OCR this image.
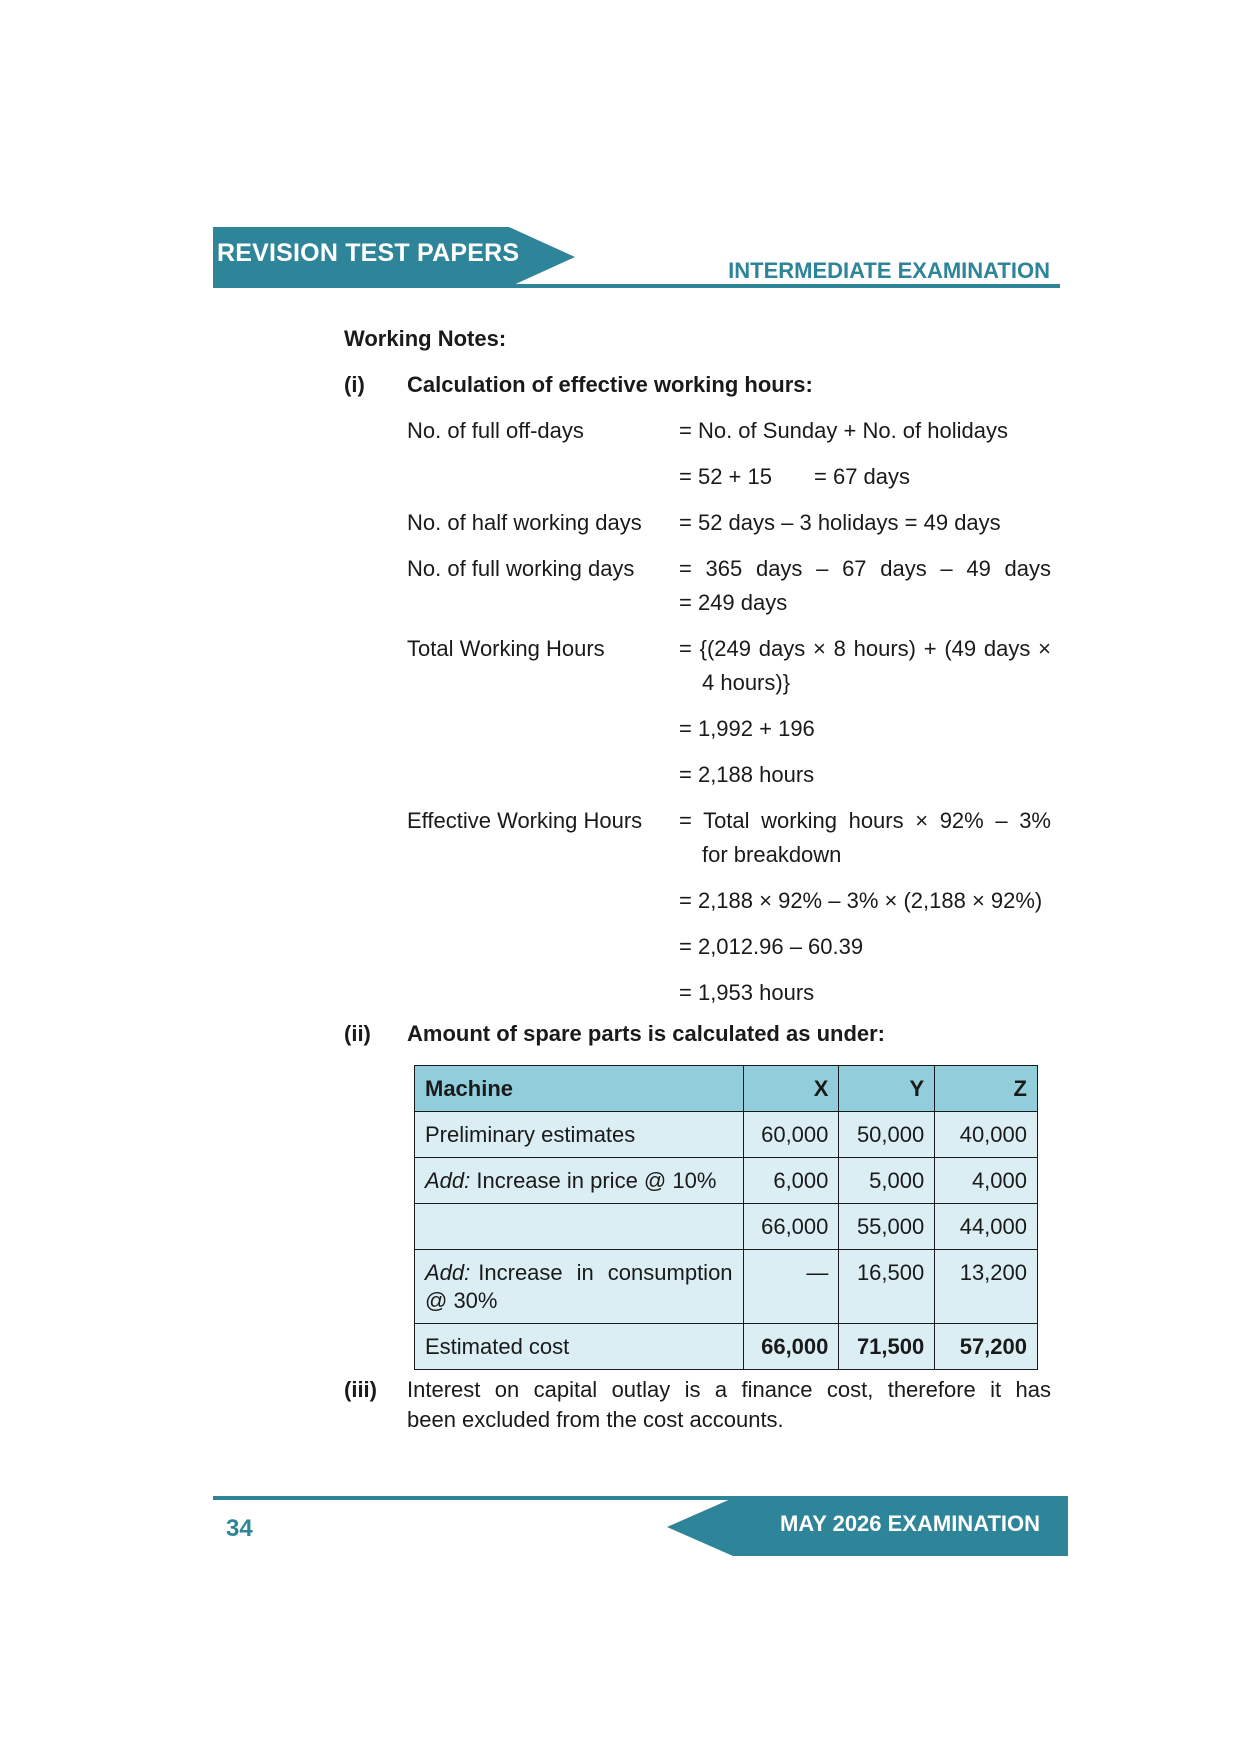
REVISION TEST PAPERS
INTERMEDIATE EXAMINATION
Working Notes:
(i) Calculation of effective working hours:
No. of full off-days	= No. of Sunday + No. of holidays
= 52 + 15 = 67 days
No. of half working days = 52 days – 3 holidays = 49 days
No. of full working days = 365 days – 67 days – 49 days
= 249 days
Total Working Hours	= {(249 days × 8 hours) + (49 days ×
4 hours)}
= 1,992 + 196
= 2,188 hours
Effective Working Hours = Total working hours × 92% – 3%
for breakdown
= 2,188 × 92% – 3% × (2,188 × 92%)
= 2,012.96 – 60.39
= 1,953 hours
(ii) Amount of spare parts is calculated as under:
Machine	X	Y	Z
Preliminary estimates	60,000	50,000	40,000
Add: Increase in price @ 10%	6,000	5,000	4,000
	66,000	55,000	44,000

Add: Increase in consumption
@ 30%	—	16,500	13,200
Estimated cost	66,000	71,500	57,200
(iii) Interest on capital outlay is a finance cost, therefore it has
been excluded from the cost accounts.
MAY 2026 EXAMINATION
34
